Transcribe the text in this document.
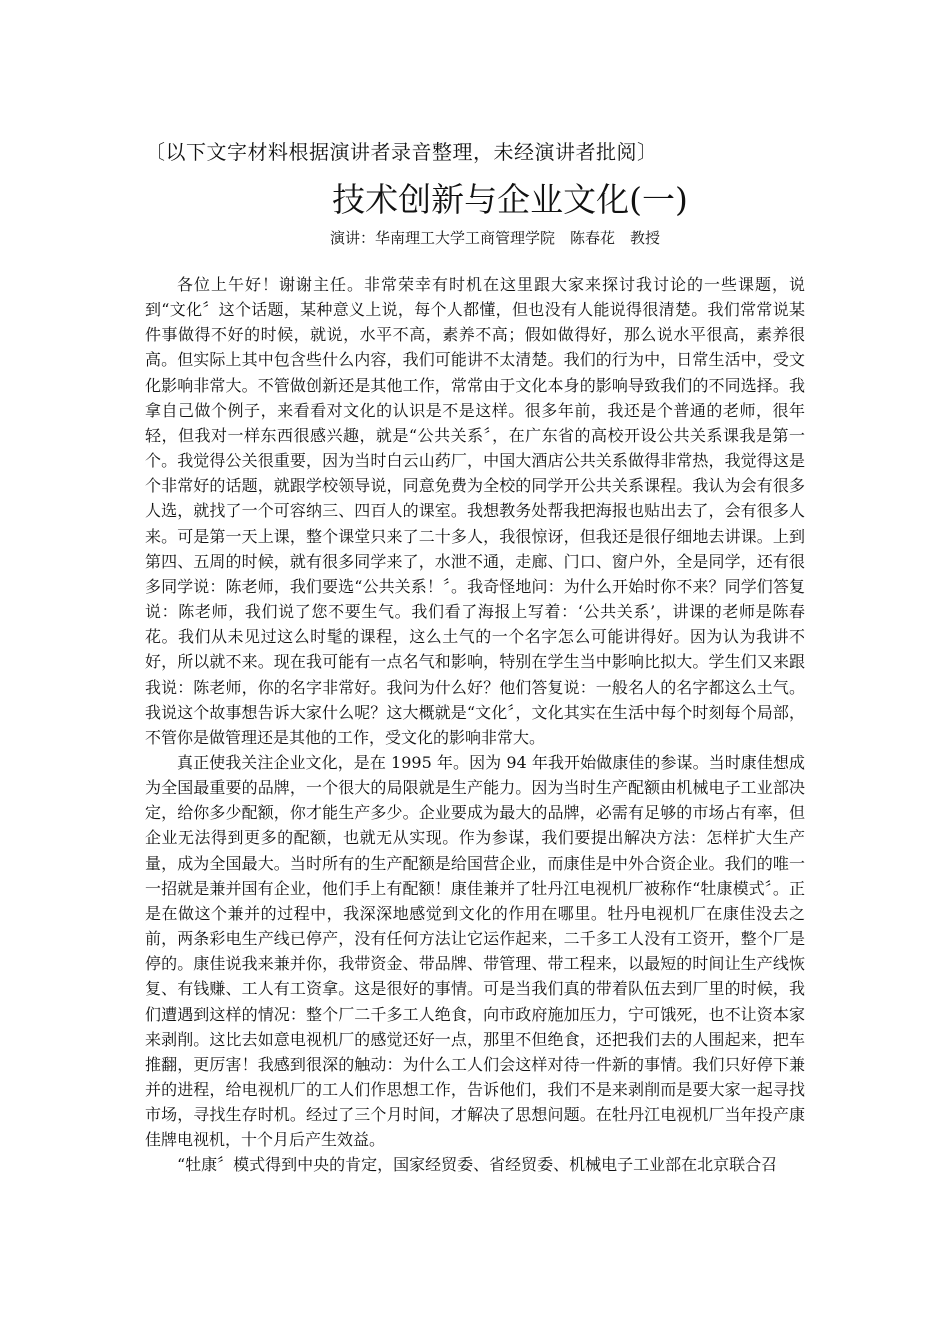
〔以下文字材料根据演讲者录音整理，未经演讲者批阅〕
技术创新与企业文化(一)
演讲：华南理工大学工商管理学院　陈春花　教授

各位上午好！谢谢主任。非常荣幸有时机在这里跟大家来探讨我讨论的一些课题，说到“文化〞这个话题，某种意义上说，每个人都懂，但也没有人能说得很清楚。我们常常说某件事做得不好的时候，就说，水平不高，素养不高；假如做得好，那么说水平很高，素养很高。但实际上其中包含些什么内容，我们可能讲不太清楚。我们的行为中，日常生活中，受文化影响非常大。不管做创新还是其他工作，常常由于文化本身的影响导致我们的不同选择。我拿自己做个例子，来看看对文化的认识是不是这样。很多年前，我还是个普通的老师，很年轻，但我对一样东西很感兴趣，就是“公共关系〞，在广东省的高校开设公共关系课我是第一个。我觉得公关很重要，因为当时白云山药厂，中国大酒店公共关系做得非常热，我觉得这是个非常好的话题，就跟学校领导说，同意免费为全校的同学开公共关系课程。我认为会有很多人选，就找了一个可容纳三、四百人的课室。我想教务处帮我把海报也贴出去了，会有很多人来。可是第一天上课，整个课堂只来了二十多人，我很惊讶，但我还是很仔细地去讲课。上到第四、五周的时候，就有很多同学来了，水泄不通，走廊、门口、窗户外，全是同学，还有很多同学说：陈老师，我们要选“公共关系！〞。我奇怪地问：为什么开始时你不来？同学们答复说：陈老师，我们说了您不要生气。我们看了海报上写着：‘公共关系’，讲课的老师是陈春花。我们从未见过这么时髦的课程，这么土气的一个名字怎么可能讲得好。因为认为我讲不好，所以就不来。现在我可能有一点名气和影响，特别在学生当中影响比拟大。学生们又来跟我说：陈老师，你的名字非常好。我问为什么好？他们答复说：一般名人的名字都这么土气。我说这个故事想告诉大家什么呢？这大概就是“文化〞，文化其实在生活中每个时刻每个局部，不管你是做管理还是其他的工作，受文化的影响非常大。

真正使我关注企业文化，是在 1995 年。因为 94 年我开始做康佳的参谋。当时康佳想成为全国最重要的品牌，一个很大的局限就是生产能力。因为当时生产配额由机械电子工业部决定，给你多少配额，你才能生产多少。企业要成为最大的品牌，必需有足够的市场占有率，但企业无法得到更多的配额，也就无从实现。作为参谋，我们要提出解决方法：怎样扩大生产量，成为全国最大。当时所有的生产配额是给国营企业，而康佳是中外合资企业。我们的唯一一招就是兼并国有企业，他们手上有配额！康佳兼并了牡丹江电视机厂被称作“牡康模式〞。正是在做这个兼并的过程中，我深深地感觉到文化的作用在哪里。牡丹电视机厂在康佳没去之前，两条彩电生产线已停产，没有任何方法让它运作起来，二千多工人没有工资开，整个厂是停的。康佳说我来兼并你，我带资金、带品牌、带管理、带工程来，以最短的时间让生产线恢复、有钱赚、工人有工资拿。这是很好的事情。可是当我们真的带着队伍去到厂里的时候，我们遭遇到这样的情况：整个厂二千多工人绝食，向市政府施加压力，宁可饿死，也不让资本家来剥削。这比去如意电视机厂的感觉还好一点，那里不但绝食，还把我们去的人围起来，把车推翻，更厉害！我感到很深的触动：为什么工人们会这样对待一件新的事情。我们只好停下兼并的进程，给电视机厂的工人们作思想工作，告诉他们，我们不是来剥削而是要大家一起寻找市场，寻找生存时机。经过了三个月时间，才解决了思想问题。在牡丹江电视机厂当年投产康佳牌电视机，十个月后产生效益。

“牡康〞模式得到中央的肯定，国家经贸委、省经贸委、机械电子工业部在北京联合召
